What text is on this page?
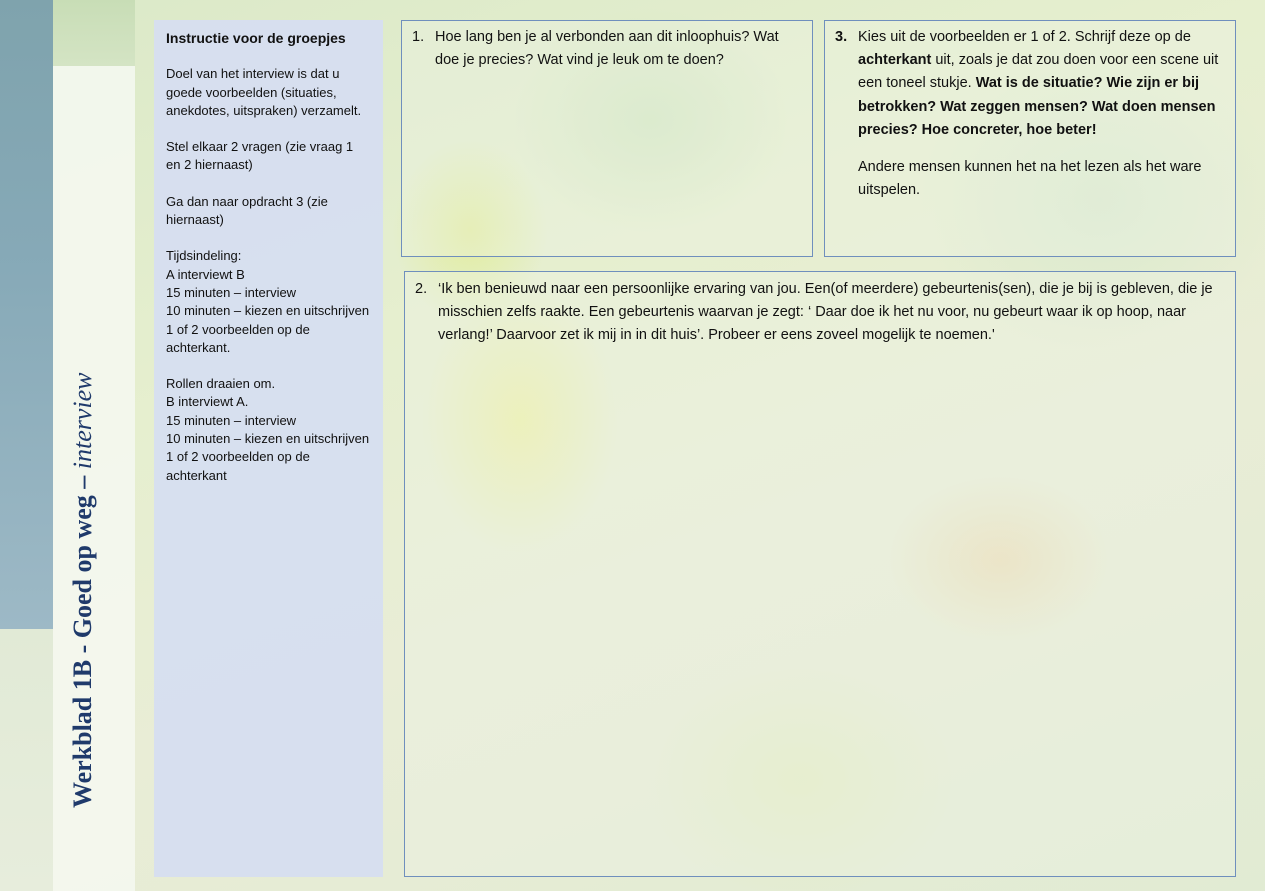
Werkblad 1B - Goed op weg – interview
Instructie voor de groepjes

Doel van het interview is dat u goede voorbeelden (situaties, anekdotes, uitspraken) verzamelt.

Stel elkaar 2 vragen (zie vraag 1 en 2 hiernaast)

Ga dan naar opdracht 3 (zie hiernaast)

Tijdsindeling:
A interviewt B
15 minuten – interview
10 minuten – kiezen en uitschrijven 1 of 2 voorbeelden op de achterkant.

Rollen draaien om.
B interviewt A.
15 minuten – interview
10 minuten – kiezen en uitschrijven 1 of 2 voorbeelden op de achterkant

1. Hoe lang ben je al verbonden aan dit inloophuis? Wat doe je precies? Wat vind je leuk om te doen?
3. Kies uit de voorbeelden er 1 of 2. Schrijf deze op de achterkant uit, zoals je dat zou doen voor een scene uit een toneel stukje. Wat is de situatie? Wie zijn er bij betrokken? Wat zeggen mensen? Wat doen mensen precies? Hoe concreter, hoe beter!
Andere mensen kunnen het na het lezen als het ware uitspelen.
2. ‘Ik ben benieuwd naar een persoonlijke ervaring van jou. Een(of meerdere) gebeurtenis(sen), die je bij is gebleven, die je misschien zelfs raakte. Een gebeurtenis waarvan je zegt: ‘ Daar doe ik het nu voor, nu gebeurt waar ik op hoop, naar verlang!’ Daarvoor zet ik mij in in dit huis’. Probeer er eens zoveel mogelijk te noemen.'
